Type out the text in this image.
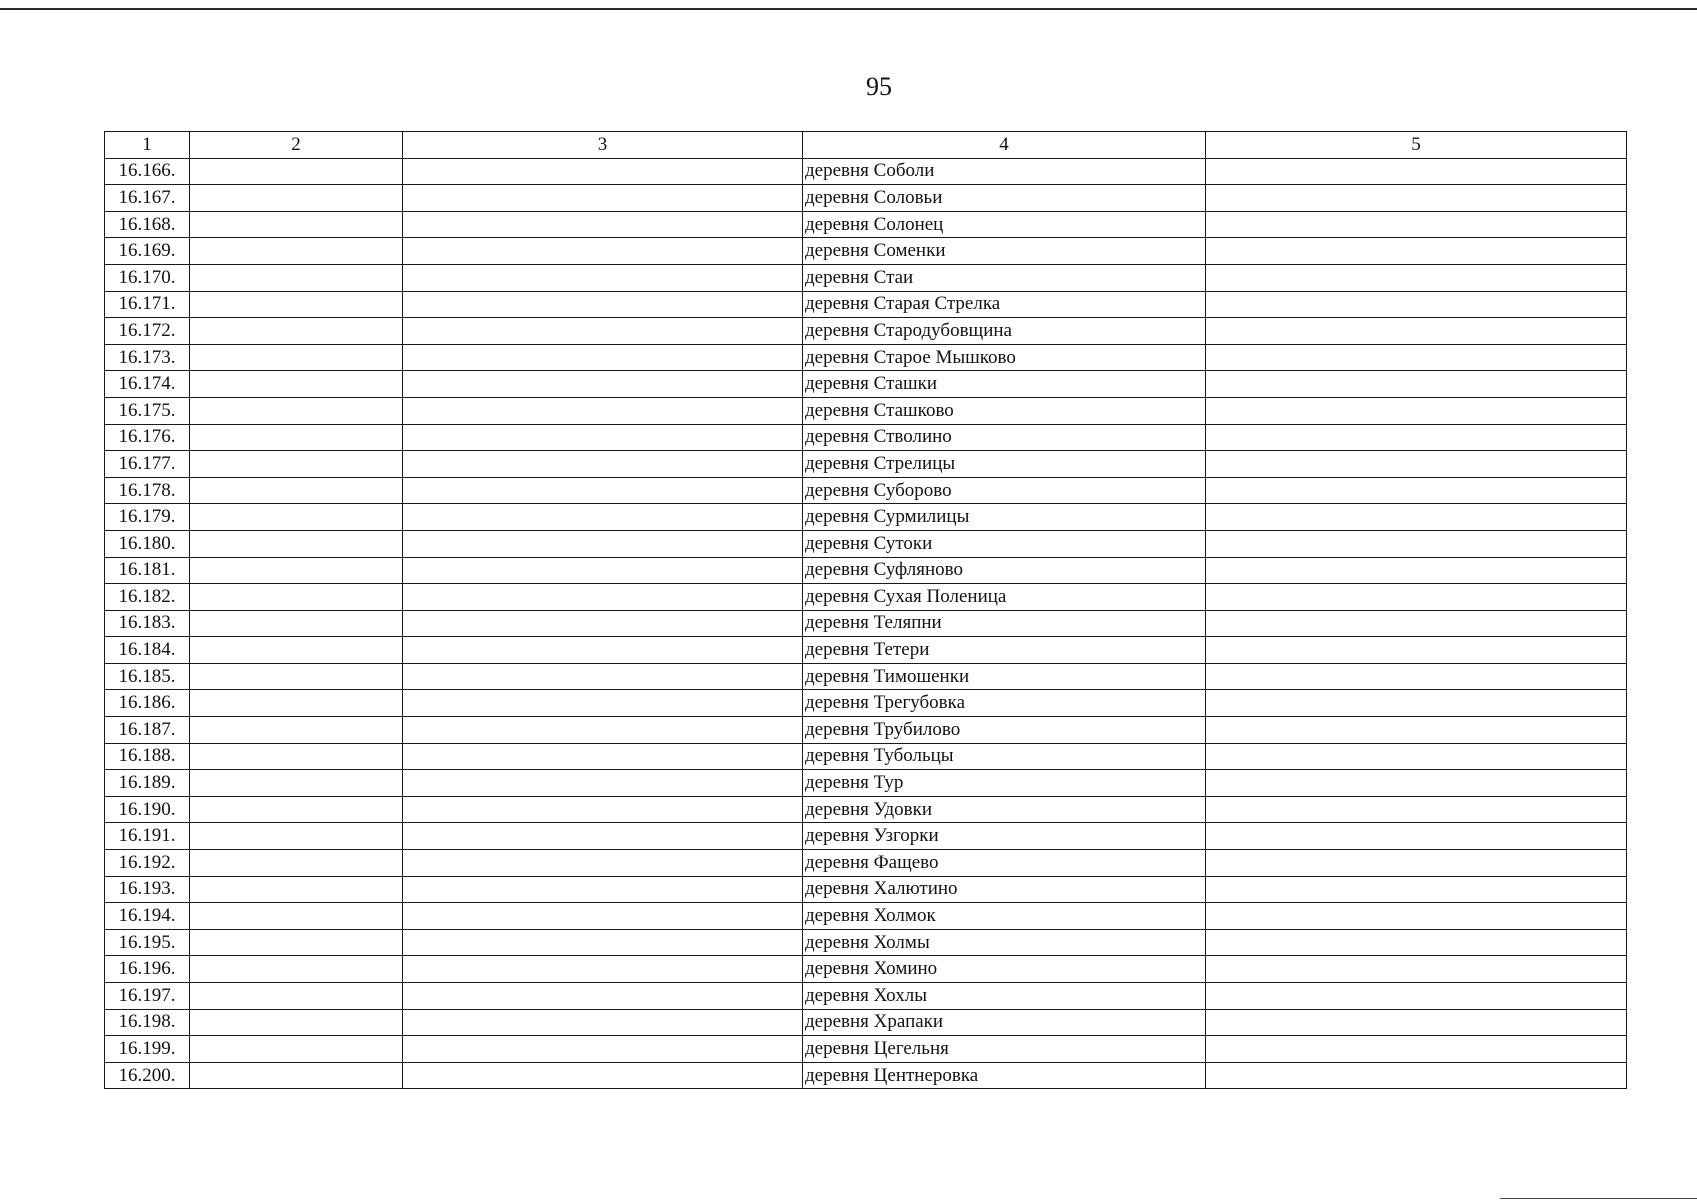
95
1	2	3	4	5
16.166.			деревня Соболи	
16.167.			деревня Соловьи	
16.168.			деревня Солонец	
16.169.			деревня Соменки	
16.170.			деревня Стаи	
16.171.			деревня Старая Стрелка	
16.172.			деревня Стародубовщина	
16.173.			деревня Старое Мышково	
16.174.			деревня Сташки	
16.175.			деревня Сташково	
16.176.			деревня Стволино	
16.177.			деревня Стрелицы	
16.178.			деревня Суборово	
16.179.			деревня Сурмилицы	
16.180.			деревня Сутоки	
16.181.			деревня Суфляново	
16.182.			деревня Сухая Поленица	
16.183.			деревня Теляпни	
16.184.			деревня Тетери	
16.185.			деревня Тимошенки	
16.186.			деревня Трегубовка	
16.187.			деревня Трубилово	
16.188.			деревня Тубольцы	
16.189.			деревня Тур	
16.190.			деревня Удовки	
16.191.			деревня Узгорки	
16.192.			деревня Фащево	
16.193.			деревня Халютино	
16.194.			деревня Холмок	
16.195.			деревня Холмы	
16.196.			деревня Хомино	
16.197.			деревня Хохлы	
16.198.			деревня Храпаки	
16.199.			деревня Цегельня	
16.200.			деревня Центнеровка	
